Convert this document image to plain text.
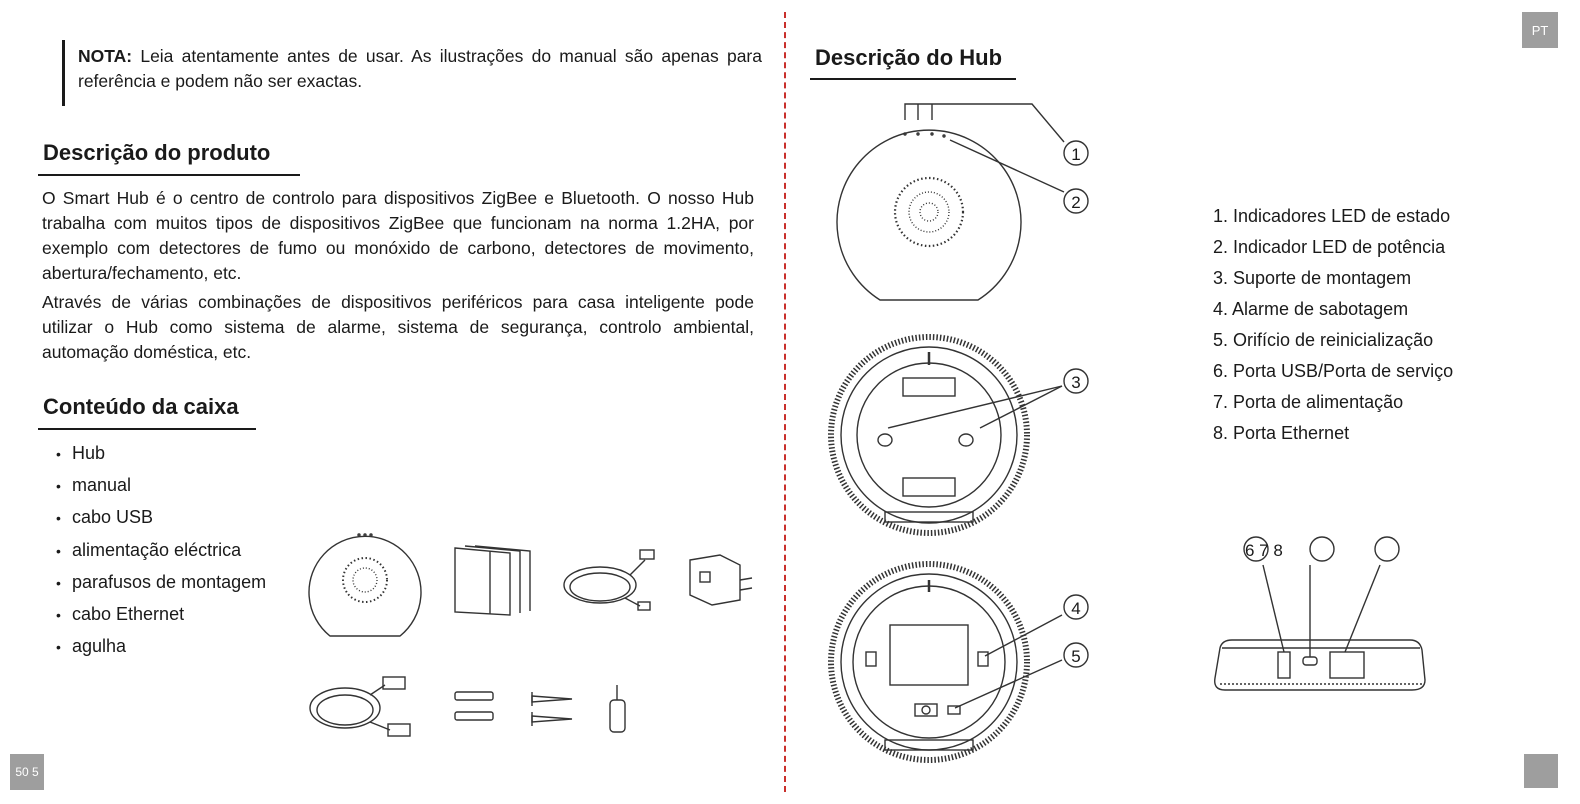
NOTA: Leia atentamente antes de usar. As ilustrações do manual são apenas para referência e podem não ser exactas.

Descrição do produto

O Smart Hub é o centro de controlo para dispositivos ZigBee e Bluetooth. O nosso Hub trabalha com muitos tipos de dispositivos ZigBee que funcionam na norma 1.2HA, por exemplo com detectores de fumo ou monóxido de carbono, detectores de movimento, abertura/fechamento, etc.

Através de várias combinações de dispositivos periféricos para casa inteligente pode utilizar o Hub como sistema de alarme, sistema de segurança, controlo ambiental, automação doméstica, etc.

Conteúdo da caixa
• Hub
• manual
• cabo USB
• alimentação eléctrica
• parafusos de montagem
• cabo Ethernet
• agulha
Descrição do Hub
1. Indicadores LED de estado
2. Indicador LED de potência
3. Suporte de montagem
4. Alarme de sabotagem
5. Orifício de reinicialização
6. Porta USB/Porta de serviço
7. Porta de alimentação
8. Porta Ethernet
PT
50 5
1
2
3
4
5
6 7 8
